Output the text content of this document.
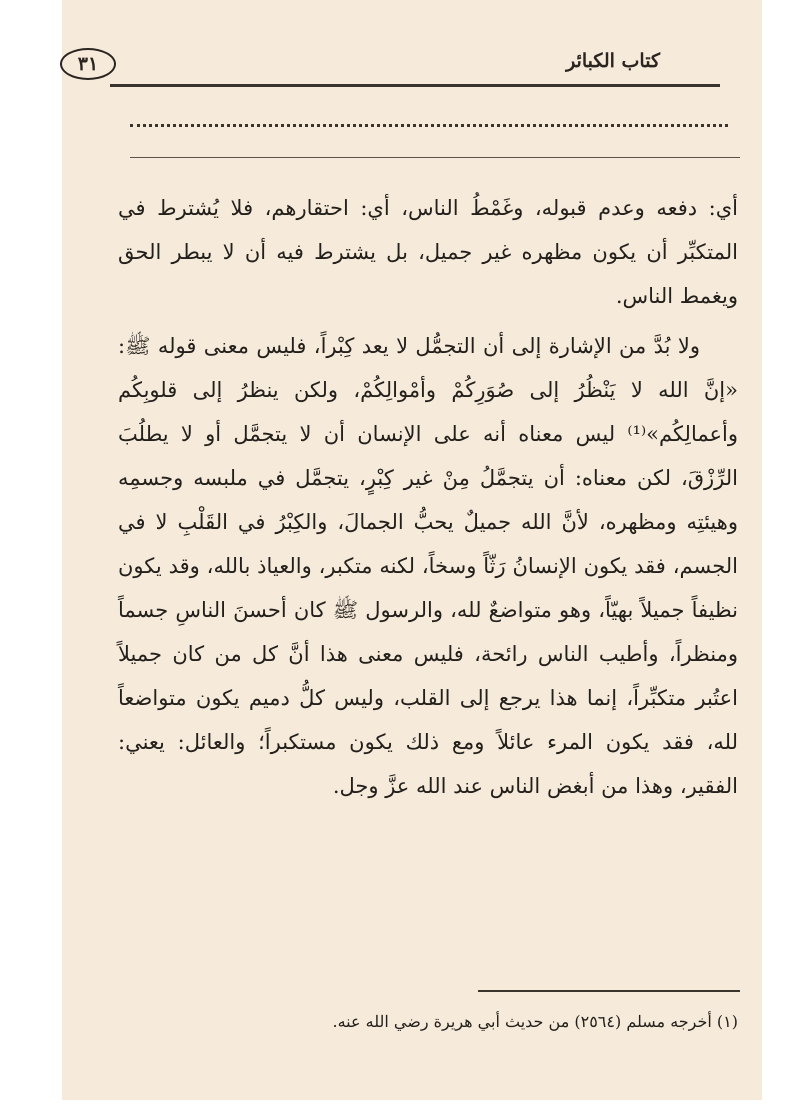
كتاب الكبائر
٣١

أي: دفعه وعدم قبوله، وغَمْطُ الناس، أي: احتقارهم، فلا يُشترط في المتكبِّر أن يكون مظهره غير جميل، بل يشترط فيه أن لا يبطر الحق ويغمط الناس.

ولا بُدَّ من الإشارة إلى أن التجمُّل لا يعد كِبْراً، فليس معنى قوله ﷺ: «إنَّ الله لا يَنْظُرُ إلى صُوَرِكُمْ وأمْوالِكُمْ، ولكن ينظرُ إلى قلوبِكُم وأعمالِكُم»⁽¹⁾ ليس معناه أنه على الإنسان أن لا يتجمَّل أو لا يطلُبَ الرِّزْقَ، لكن معناه: أن يتجمَّلُ مِنْ غير كِبْرٍ، يتجمَّل في ملبسه وجسمِه وهيئتِه ومظهره، لأنَّ الله جميلٌ يحبُّ الجمالَ، والكِبْرُ في القَلْبِ لا في الجسم، فقد يكون الإنسانُ رَثّاً وسخاً، لكنه متكبر، والعياذ بالله، وقد يكون نظيفاً جميلاً بهيّاً، وهو متواضعٌ لله، والرسول ﷺ كان أحسنَ الناسِ جسماً ومنظراً، وأطيب الناس رائحة، فليس معنى هذا أنَّ كل من كان جميلاً اعتُبر متكبِّراً، إنما هذا يرجع إلى القلب، وليس كلُّ دميم يكون متواضعاً لله، فقد يكون المرء عائلاً ومع ذلك يكون مستكبراً؛ والعائل: يعني: الفقير، وهذا من أبغض الناس عند الله عزَّ وجل.

(١) أخرجه مسلم (٢٥٦٤) من حديث أبي هريرة رضي الله عنه.
